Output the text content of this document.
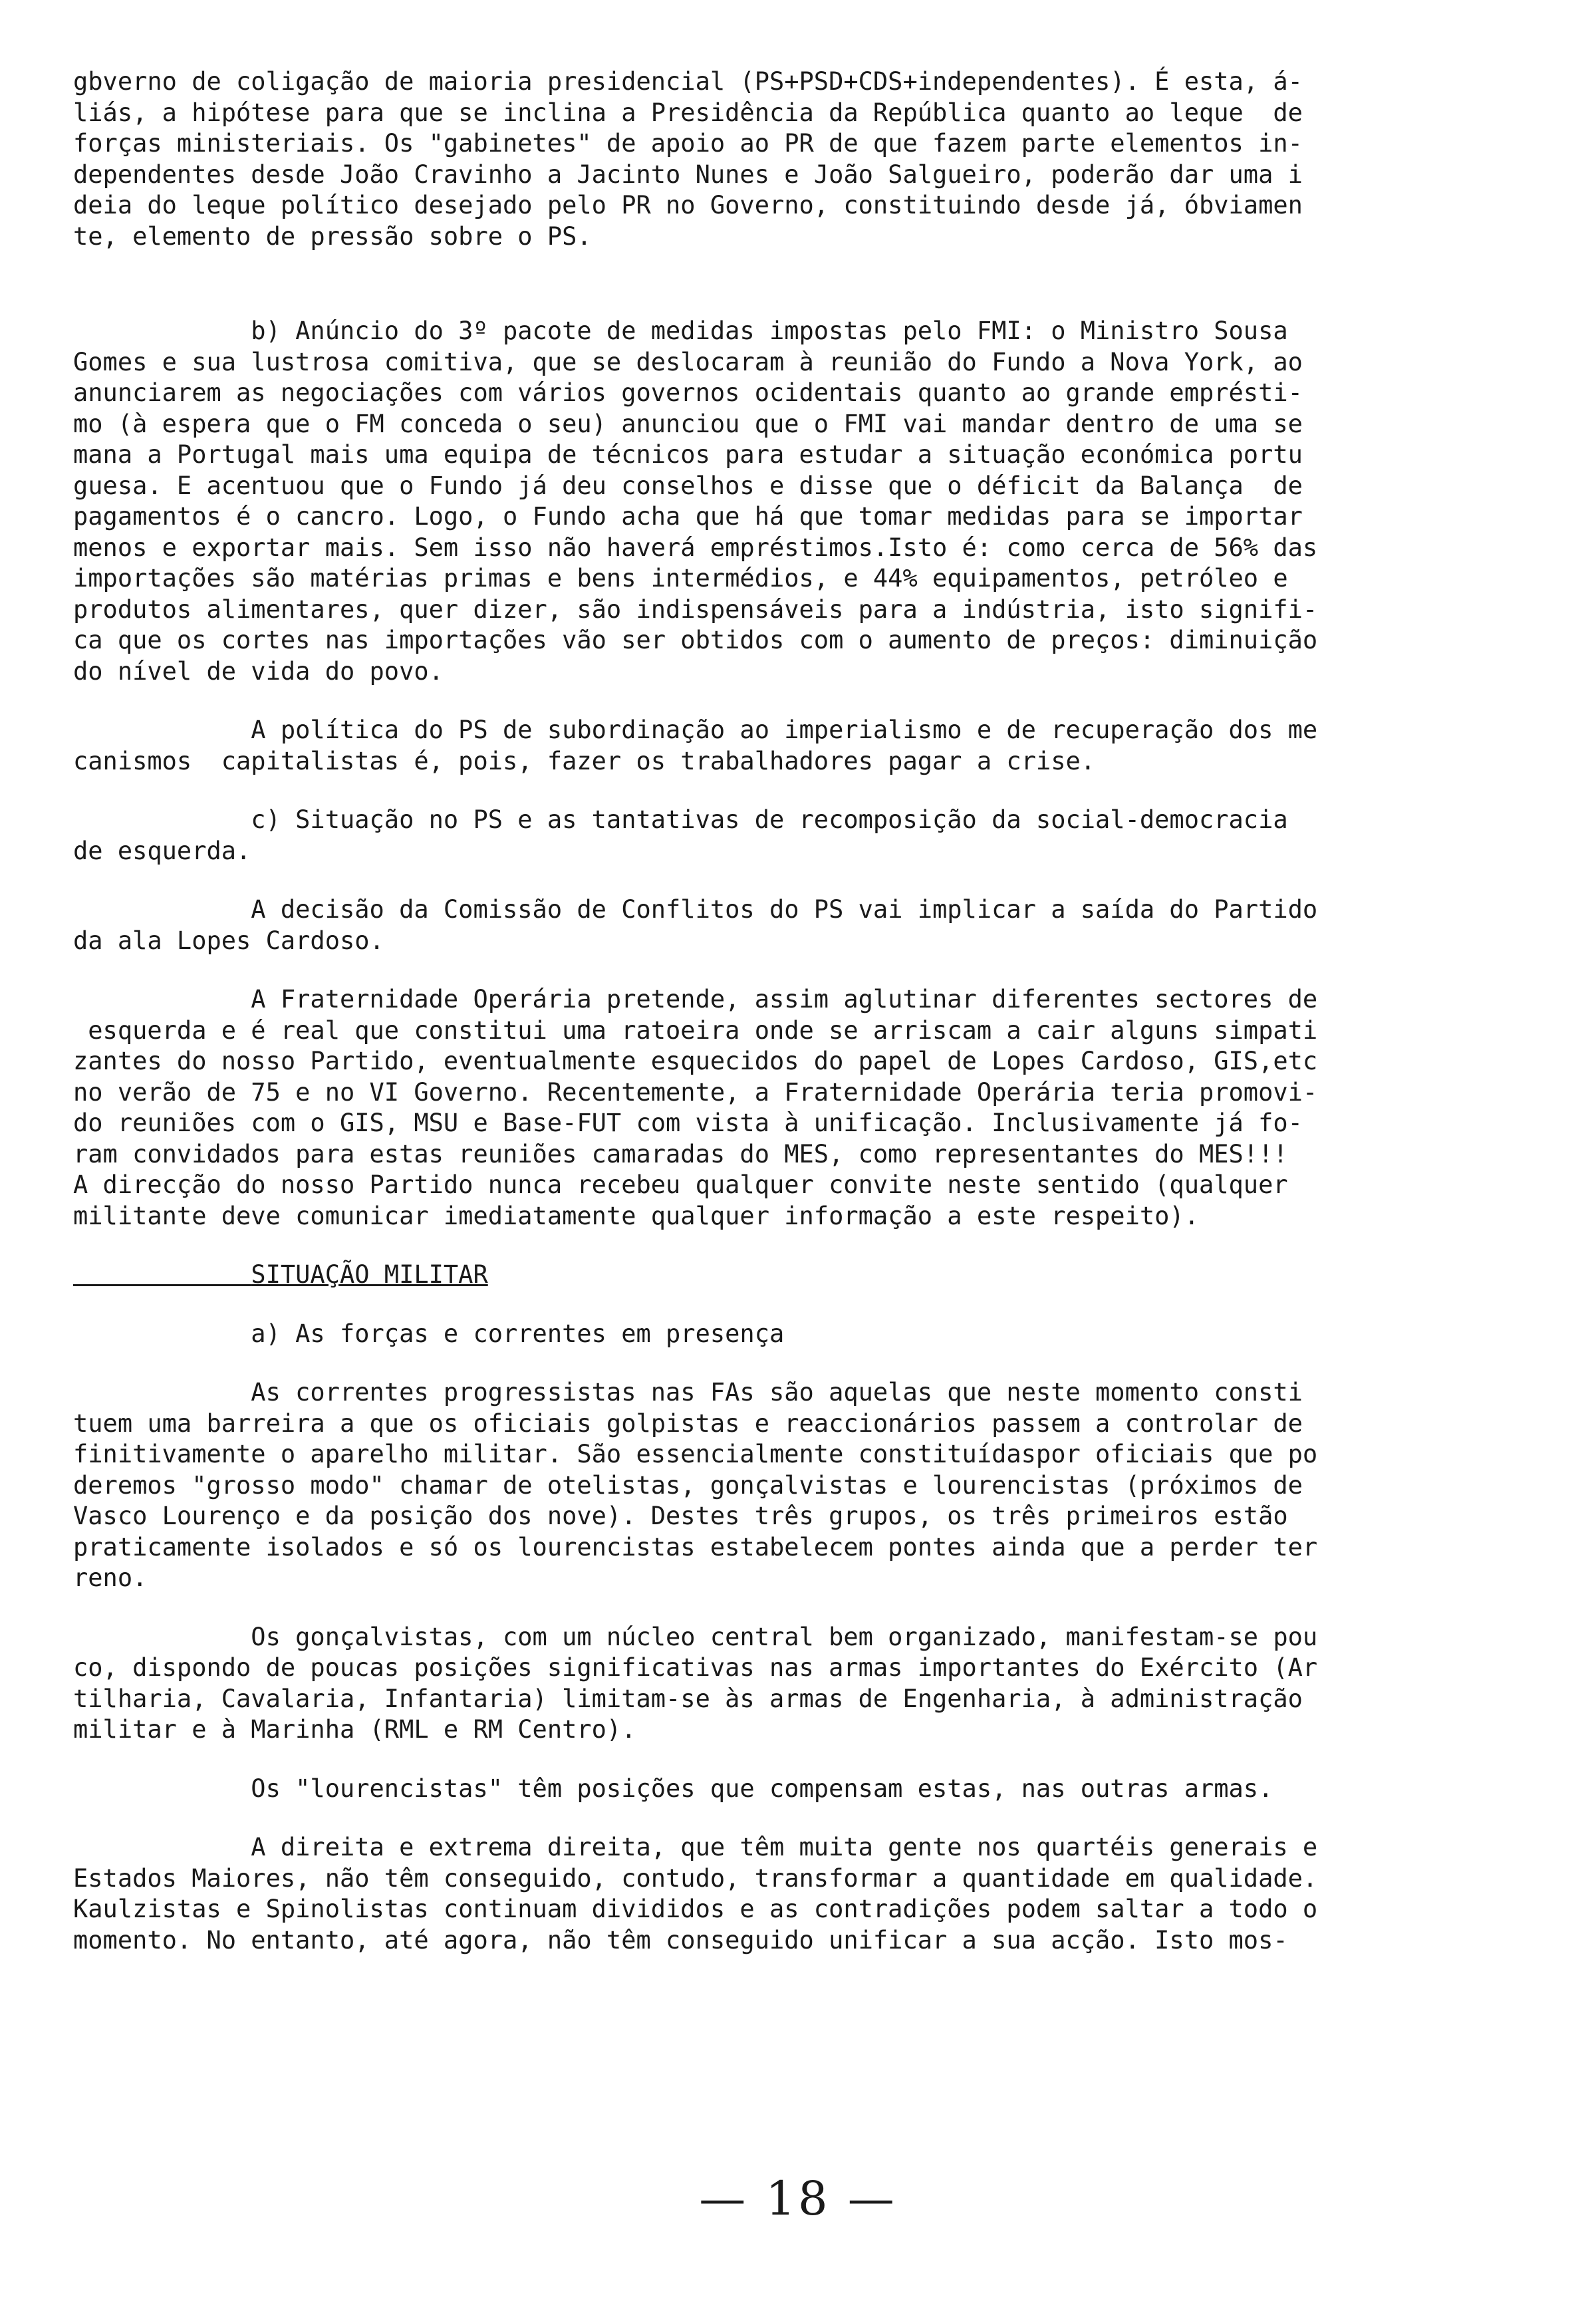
gbverno de coligação de maioria presidencial (PS+PSD+CDS+independentes). É esta, á-
liás, a hipótese para que se inclina a Presidência da República quanto ao leque  de
forças ministeriais. Os "gabinetes" de apoio ao PR de que fazem parte elementos in-
dependentes desde João Cravinho a Jacinto Nunes e João Salgueiro, poderão dar uma i
deia do leque político desejado pelo PR no Governo, constituindo desde já, óbviamen
te, elemento de pressão sobre o PS.

b) Anúncio do 3º pacote de medidas impostas pelo FMI: o Ministro Sousa
Gomes e sua lustrosa comitiva, que se deslocaram à reunião do Fundo a Nova York, ao
anunciarem as negociações com vários governos ocidentais quanto ao grande emprésti-
mo (à espera que o FM conceda o seu) anunciou que o FMI vai mandar dentro de uma se
mana a Portugal mais uma equipa de técnicos para estudar a situação económica portu
guesa. E acentuou que o Fundo já deu conselhos e disse que o déficit da Balança  de
pagamentos é o cancro. Logo, o Fundo acha que há que tomar medidas para se importar
menos e exportar mais. Sem isso não haverá empréstimos.Isto é: como cerca de 56% das
importações são matérias primas e bens intermédios, e 44% equipamentos, petróleo e
produtos alimentares, quer dizer, são indispensáveis para a indústria, isto signifi-
ca que os cortes nas importações vão ser obtidos com o aumento de preços: diminuição
do nível de vida do povo.

A política do PS de subordinação ao imperialismo e de recuperação dos me
canismos  capitalistas é, pois, fazer os trabalhadores pagar a crise.

c) Situação no PS e as tantativas de recomposição da social-democracia
de esquerda.

A decisão da Comissão de Conflitos do PS vai implicar a saída do Partido
da ala Lopes Cardoso.

A Fraternidade Operária pretende, assim aglutinar diferentes sectores de
esquerda e é real que constitui uma ratoeira onde se arriscam a cair alguns simpati
zantes do nosso Partido, eventualmente esquecidos do papel de Lopes Cardoso, GIS,etc
no verão de 75 e no VI Governo. Recentemente, a Fraternidade Operária teria promovi-
do reuniões com o GIS, MSU e Base-FUT com vista à unificação. Inclusivamente já fo-
ram convidados para estas reuniões camaradas do MES, como representantes do MES!!!
A direcção do nosso Partido nunca recebeu qualquer convite neste sentido (qualquer
militante deve comunicar imediatamente qualquer informação a este respeito).

SITUAÇÃO MILITAR

a) As forças e correntes em presença

As correntes progressistas nas FAs são aquelas que neste momento consti
tuem uma barreira a que os oficiais golpistas e reaccionários passem a controlar de
finitivamente o aparelho militar. São essencialmente constituídaspor oficiais que po
deremos "grosso modo" chamar de otelistas, gonçalvistas e lourencistas (próximos de
Vasco Lourenço e da posição dos nove). Destes três grupos, os três primeiros estão
praticamente isolados e só os lourencistas estabelecem pontes ainda que a perder ter
reno.

Os gonçalvistas, com um núcleo central bem organizado, manifestam-se pou
co, dispondo de poucas posições significativas nas armas importantes do Exército (Ar
tilharia, Cavalaria, Infantaria) limitam-se às armas de Engenharia, à administração
militar e à Marinha (RML e RM Centro).

Os "lourencistas" têm posições que compensam estas, nas outras armas.

A direita e extrema direita, que têm muita gente nos quartéis generais e
Estados Maiores, não têm conseguido, contudo, transformar a quantidade em qualidade.
Kaulzistas e Spinolistas continuam divididos e as contradições podem saltar a todo o
momento. No entanto, até agora, não têm conseguido unificar a sua acção. Isto mos-

— 18 —
